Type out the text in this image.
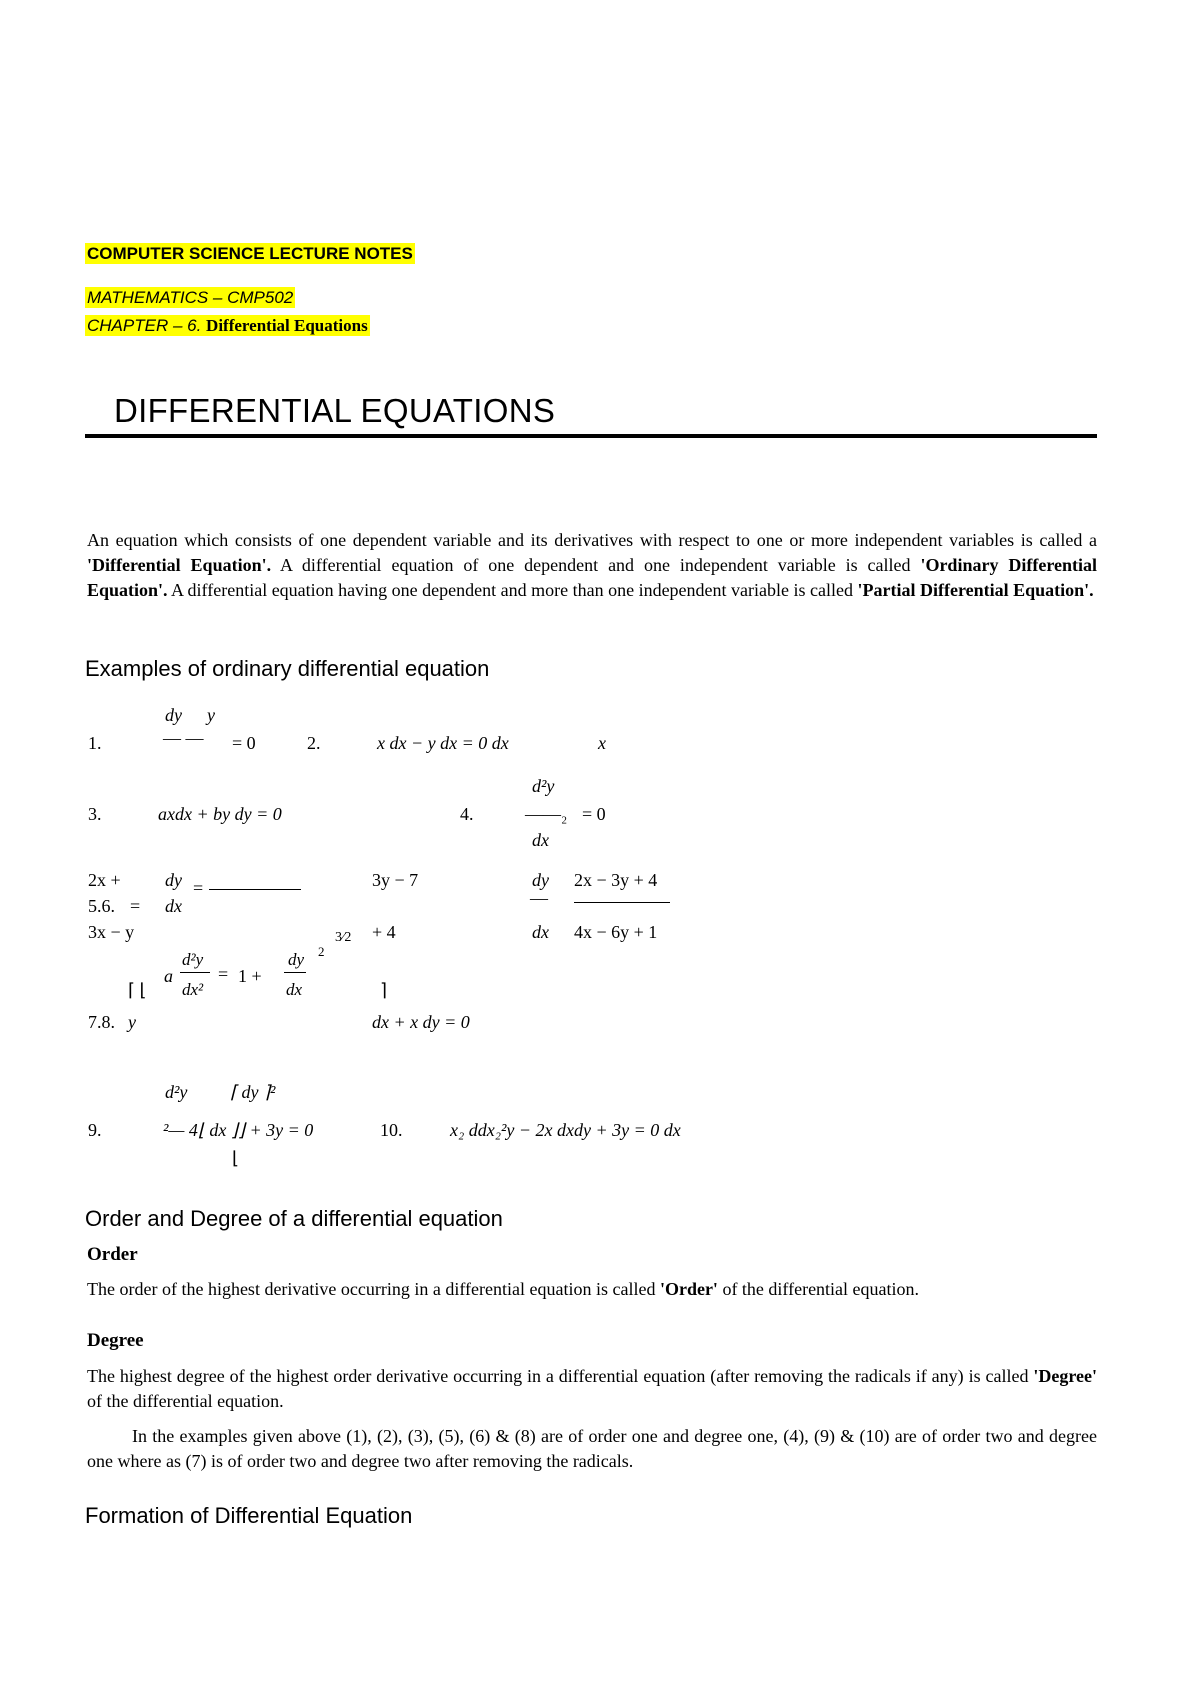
COMPUTER SCIENCE LECTURE NOTES
MATHEMATICS – CMP502
CHAPTER – 6. Differential Equations
DIFFERENTIAL EQUATIONS
An equation which consists of one dependent variable and its derivatives with respect to one or more independent variables is called a 'Differential Equation'. A differential equation of one dependent and one independent variable is called 'Ordinary Differential Equation'. A differential equation having one dependent and more than one independent variable is called 'Partial Differential Equation'.
Examples of ordinary differential equation
dy y
1.	— — = 0	2.	x dx − y dx = 0 dx	x
d²y
3.	axdx + by dy = 0	4.	——₂ = 0
dx
2x + dy =	3y − 7	dy 2x − 3y + 4
5.6. = dx	—
3x − y	+ 4	dx 4x − 6y + 1
3⁄2
d²y	dy 2
a	= 1 +
dx²	dx
⌈ ⌊	⌉
7.8. y	dx + x dy = 0
d²y ⌈ dy ⌉²
9.	²— 4⌊ dx ⌋⌋ + 3y = 0	10.	x₂ ddx₂²y − 2x dxdy + 3y = 0 dx
⌊
Order and Degree of a differential equation
Order
The order of the highest derivative occurring in a differential equation is called 'Order' of the differential equation.
Degree
The highest degree of the highest order derivative occurring in a differential equation (after removing the radicals if any) is called 'Degree' of the differential equation.
In the examples given above (1), (2), (3), (5), (6) & (8) are of order one and degree one, (4), (9) & (10) are of order two and degree one where as (7) is of order two and degree two after removing the radicals.
Formation of Differential Equation
